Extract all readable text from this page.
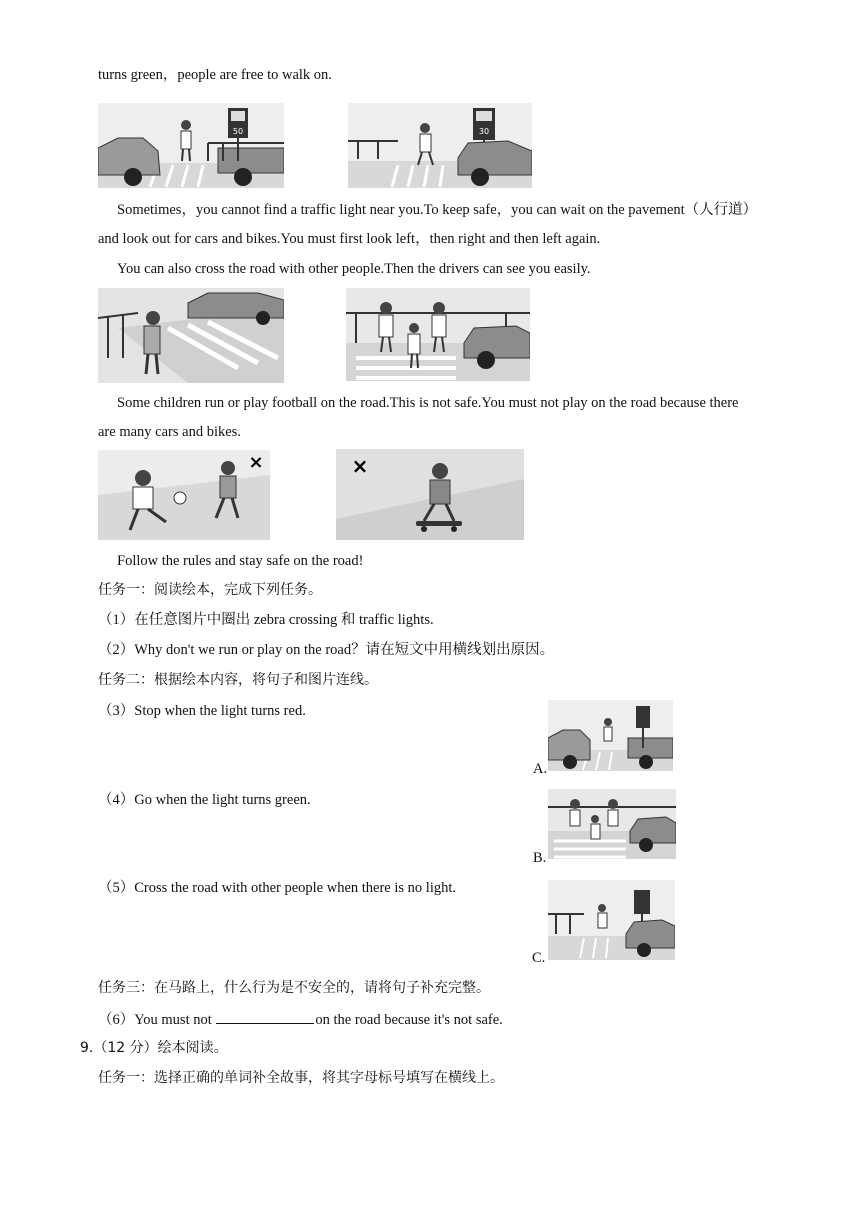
turns green，people are free to walk on.
50	30
Sometimes，you cannot find a traffic light near you.To keep safe，you can wait on the pavement（人行道）
and look out for cars and bikes.You must first look left，then right and then left again.
You can also cross the road with other people.Then the drivers can see you easily.
Some children run or play football on the road.This is not safe.You must not play on the road because there
are many cars and bikes.
×	×
Follow the rules and stay safe on the road!
任务一：阅读绘本，完成下列任务。
（1）在任意图片中圈出 zebra crossing 和 traffic lights.
（2）Why don't we run or play on the road？请在短文中用横线划出原因。
任务二：根据绘本内容，将句子和图片连线。
（3）Stop when the light turns red.
（4）Go when the light turns green.
（5）Cross the road with other people when there is no light.
A.
B.
C.
任务三：在马路上，什么行为是不安全的，请将句子补充完整。
（6）You must not	on the road because it's not safe.
9.（12 分）绘本阅读。
任务一：选择正确的单词补全故事，将其字母标号填写在横线上。
